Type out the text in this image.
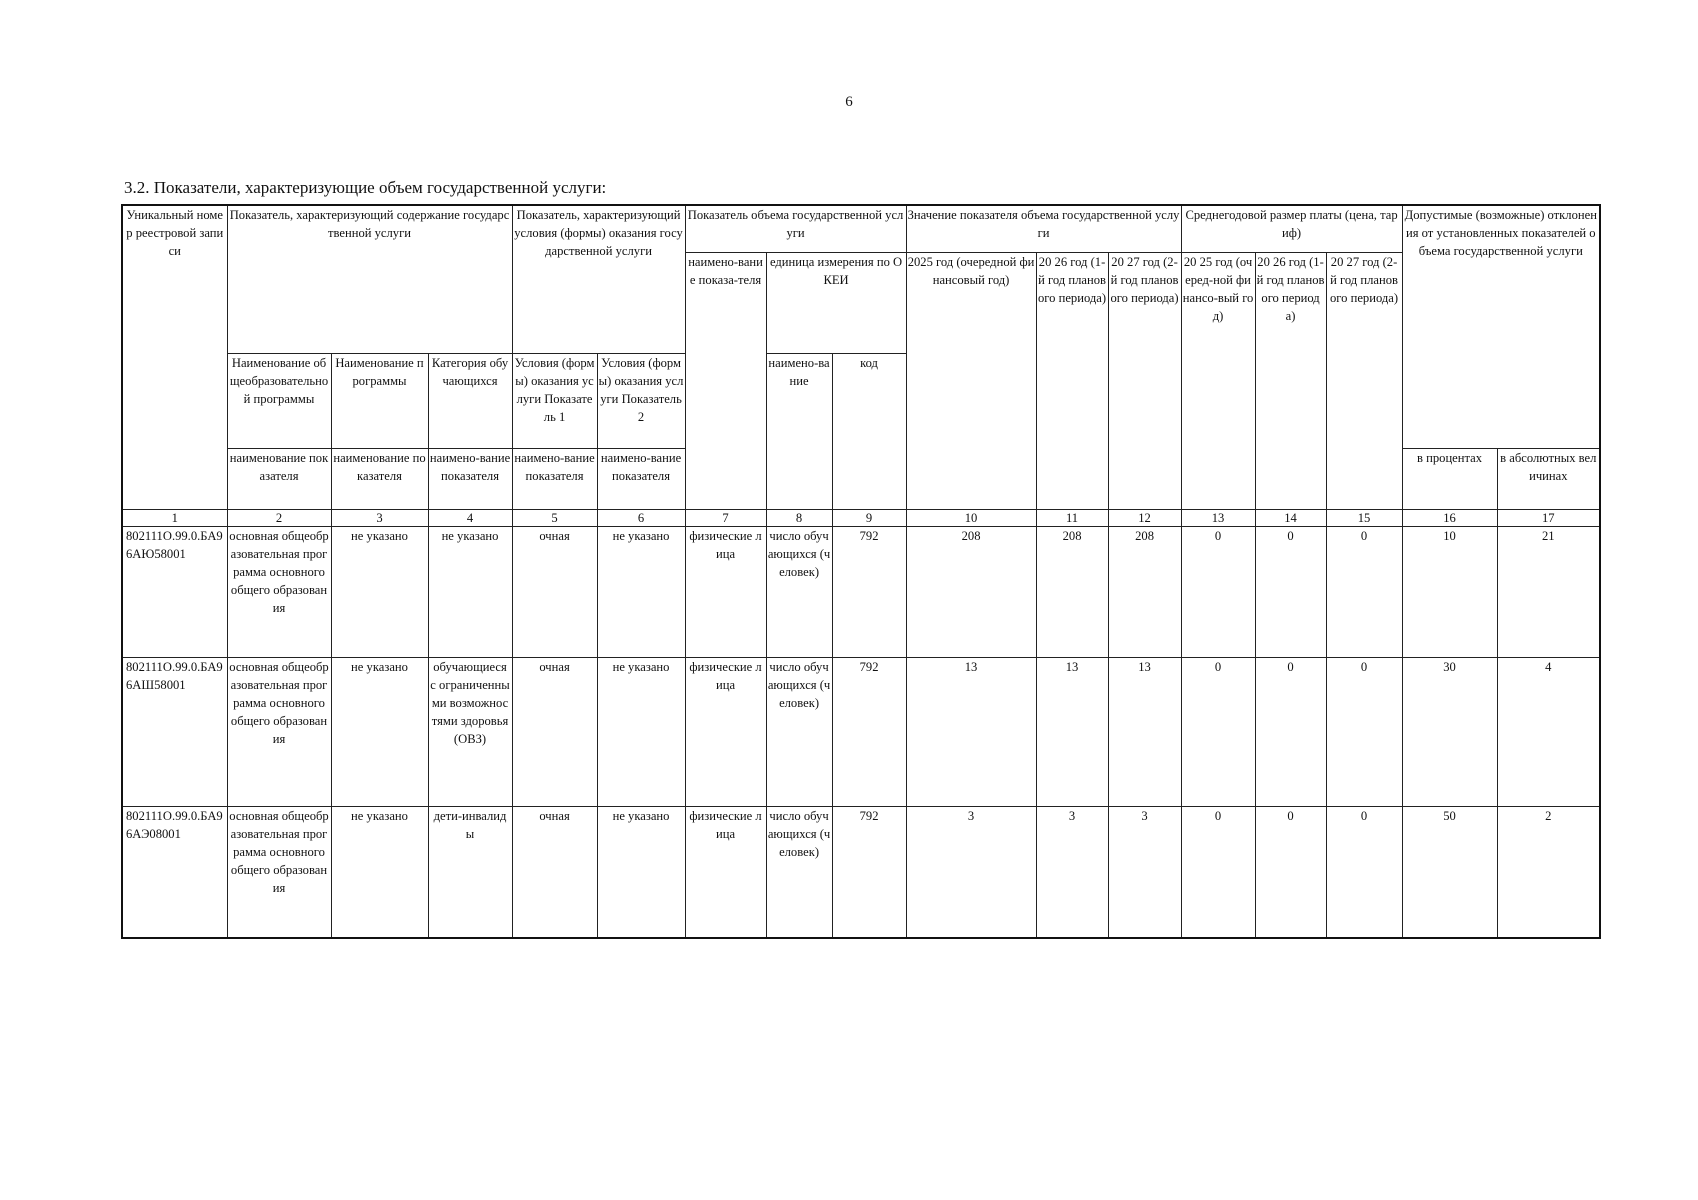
6
3.2. Показатели, характеризующие объем государственной услуги:
Уникальный номер реестровой записи	Показатель, характеризующий содержание государственной услуги			Показатель, характеризующий условия (формы) оказания государственной услуги		Показатель объема государственной услуги			Значение показателя объема государственной услуги			Среднегодовой размер платы (цена, тариф)			Допустимые (возможные) отклонения от установленных показателей объема государственной услуги	
						наимено-вание показа-теля	единица измерения по ОКЕИ		2025 год (очередной финансовый год)	20 26 год (1-й год планового периода)	20 27 год (2-й год планового периода)	20 25 год (очеред-ной финансо-вый год)	20 26 год (1-й год планового периода)	20 27 год (2-й год планового периода)		
	Наименование общеобразовательной программы	Наименование программы	Категория обучающихся	Условия (формы) оказания услуги Показатель 1	Условия (формы) оказания услуги Показатель 2		наимено-вание	код								
	наименование показателя	наименование показателя	наимено-вание показателя	наимено-вание показателя	наимено-вание показателя										в процентах	в абсолютных величинах
1	2	3	4	5	6	7	8	9	10	11	12	13	14	15	16	17
802111О.99.0.БА96АЮ58001	основная общеобразовательная программа основного общего образования	не указано	не указано	очная	не указано	физические лица	число обучающихся (человек)	792	208	208	208	0	0	0	10	21
802111О.99.0.БА96АШ58001	основная общеобразовательная программа основного общего образования	не указано	обучающиеся с ограниченными возможностями здоровья (ОВЗ)	очная	не указано	физические лица	число обучающихся (человек)	792	13	13	13	0	0	0	30	4
802111О.99.0.БА96АЭ08001	основная общеобразовательная программа основного общего образования	не указано	дети-инвалиды	очная	не указано	физические лица	число обучающихся (человек)	792	3	3	3	0	0	0	50	2
